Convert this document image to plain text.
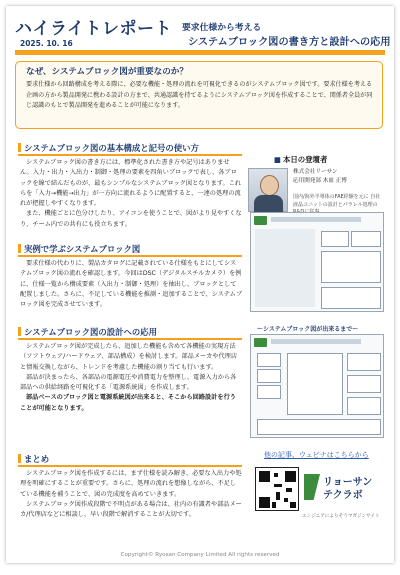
ハイライトレポート
2025. 10. 16
要求仕様から考える
システムブロック図の書き方と設計への応用
なぜ、システムブロック図が重要なのか？
要求仕様から回路構成を考える際に、必要な機能・処理の流れを可視化できるのがシステムブロック図です。要求仕様を考える企画の方から製品開発に携わる設計の方まで、共通認識を持てるようにシステムブロック図を作成することで、関係者全員が同じ認識のもとで製品開発を進めることが可能になります。
システムブロック図の基本構成と記号の使い方

システムブロック図の書き方には、標準化された書き方や記号はありません。入力・出力・入出力・制御・処理の要素を四角いブロックで表し、各ブロックを線で結んだものが、最もシンプルなシステムブロック図となります。これらを「入力→機能→出力」が一方向に流れるように配置すると、一連の処理の流れが把握しやすくなります。

また、機能ごとに色分けしたり、アイコンを使うことで、図がより見やすくなり、チーム内での共有にも役立ちます。

■ 本日の登壇者
株式会社リーサン
応用開発部 木皿 正博
国内/海外半導体のFAE経験を元に 自社液晶ユニットの設計とパラレル処理の
実例で学ぶシステムブロック図

要求仕様の代わりに、製品カタログに記載されている仕様をもとにしてシステムブロック図の流れを確認します。今回はDSC（デジタルスチルカメラ）を例に、仕様一覧から構成要素（入出力・制御・処理）を抽出し、ブロックとして配置しました。さらに、不足している機能を推測・追加することで、システムブロック図を完成させています。

～システムブロック図が出来るまで～
システムブロック図の設計への応用

システムブロック図が完成したら、追加した機能も含めて各機能の実現方法（ソフトウェア/ハードウェア、部品構成）を検討します。部品メーカや代理店と情報交換しながら、トレンドを考慮した機能の割り当ても行います。

部品が決まったら、各部品の電源電圧や消費電力を整理し、電源入力から各部品への供給経路を可視化する「電源系統図」を作成します。

部品ベースのブロック図と電源系統図が出来ると、そこから回路設計を行うことが可能となります。

まとめ

システムブロック図を作成するには、まず仕様を読み解き、必要な入出力や処理を明確にすることが重要です。さらに、処理の流れを想像しながら、不足している機能を補うことで、図の完成度を高めていきます。

システムブロック図作成段階で不明点がある場合は、社内の有識者や部品メーカ/代理店などに相談し、早い段階で解消することが大切です。

他の記事、ウェビナはこちらから
リョーサン
テクラボ
エンジニアによりそうマガジンサイト
Copyright© Ryosan Company Limited All rights reserved
